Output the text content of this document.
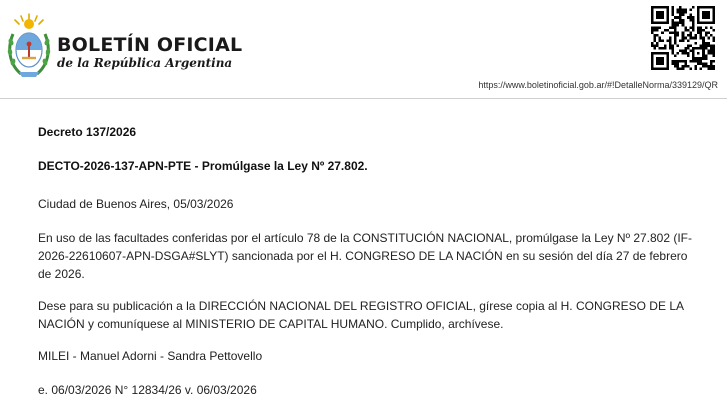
BOLETÍN OFICIAL
de la República Argentina
https://www.boletinoficial.gob.ar/#!DetalleNorma/339129/QR

Decreto 137/2026

DECTO-2026-137-APN-PTE - Promúlgase la Ley Nº 27.802.

Ciudad de Buenos Aires, 05/03/2026

En uso de las facultades conferidas por el artículo 78 de la CONSTITUCIÓN NACIONAL, promúlgase la Ley Nº 27.802 (IF-2026-22610607-APN-DSGA#SLYT) sancionada por el H. CONGRESO DE LA NACIÓN en su sesión del día 27 de febrero de 2026.

Dese para su publicación a la DIRECCIÓN NACIONAL DEL REGISTRO OFICIAL, gírese copia al H. CONGRESO DE LA NACIÓN y comuníquese al MINISTERIO DE CAPITAL HUMANO. Cumplido, archívese.

MILEI - Manuel Adorni - Sandra Pettovello

e. 06/03/2026 N° 12834/26 v. 06/03/2026
